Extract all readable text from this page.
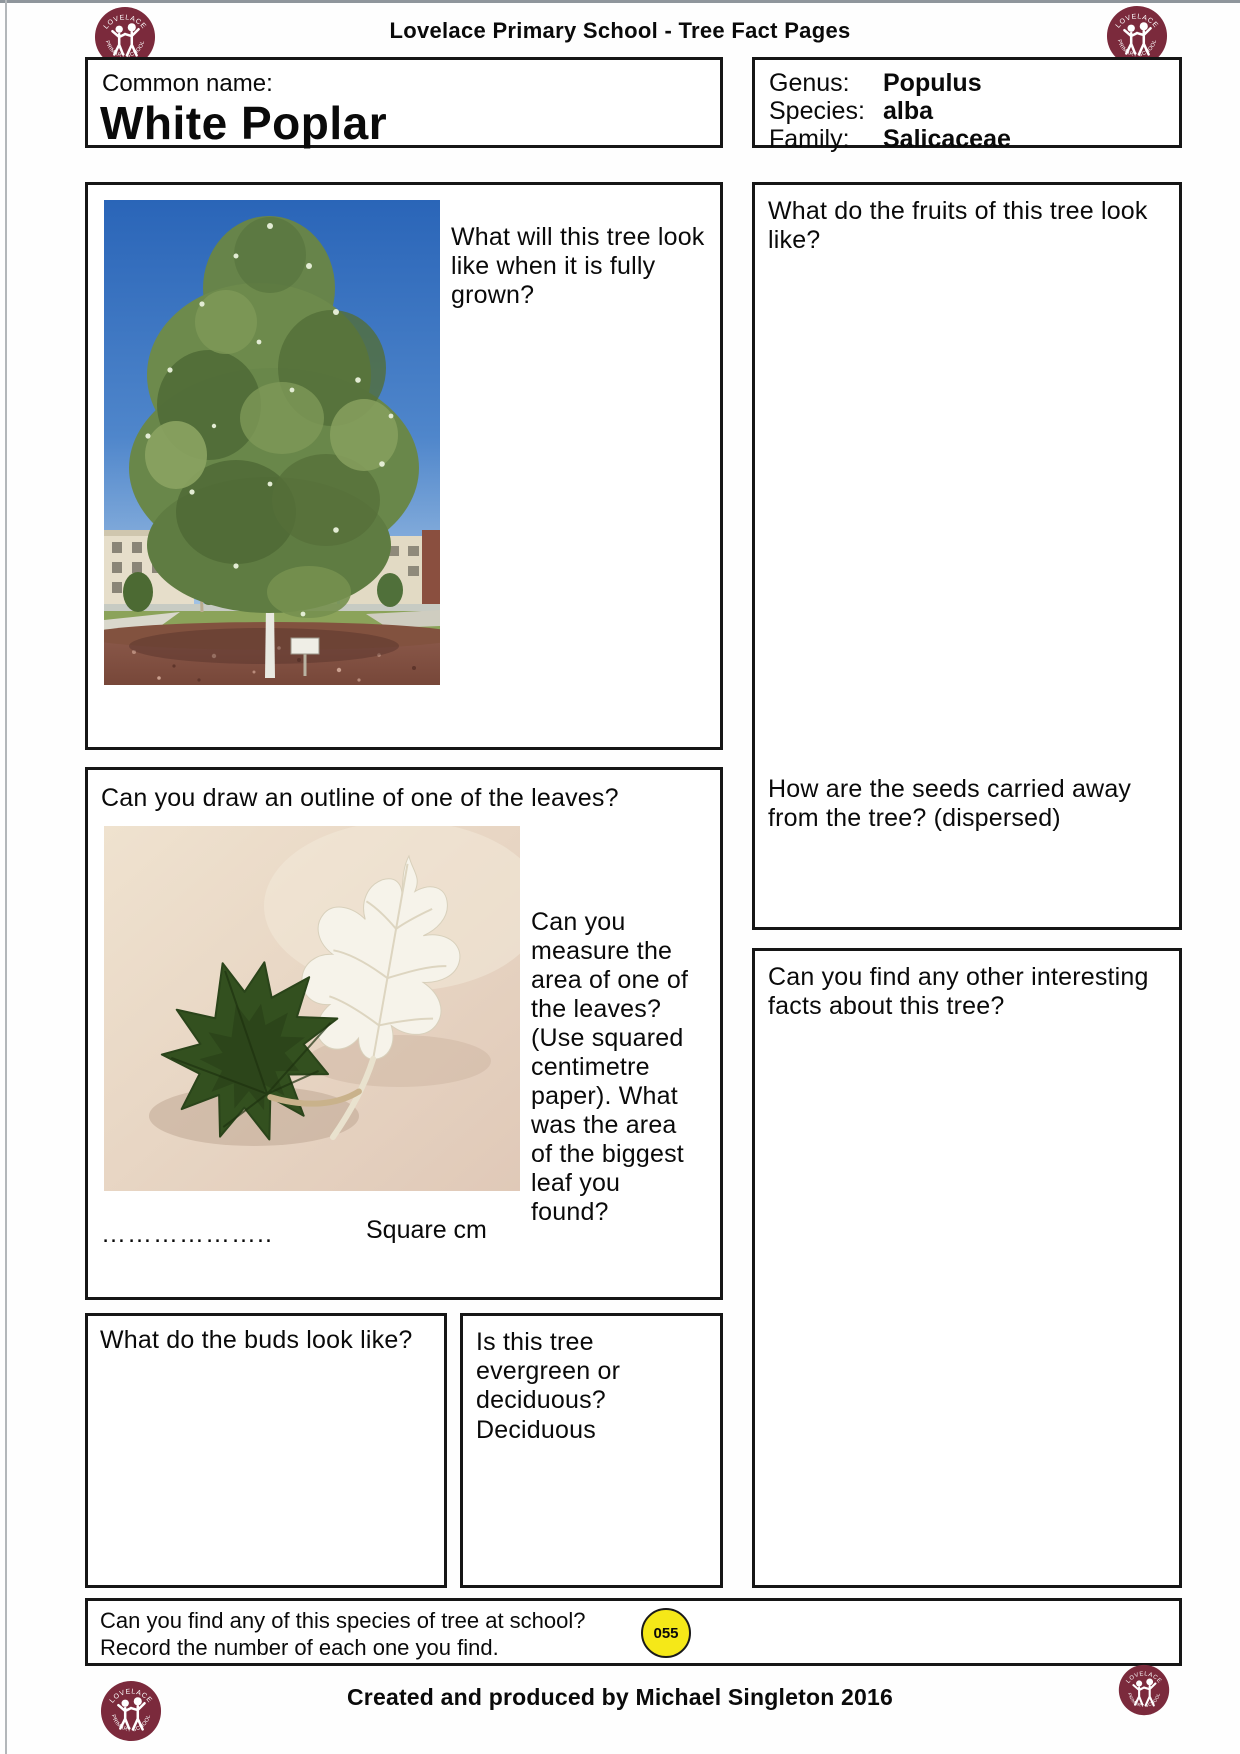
Lovelace Primary School - Tree Fact Pages
Common name:
White Poplar
Genus:	Populus
Species: alba
Family:	Salicaceae
What will this tree look like when it is fully grown?
What do the fruits of this tree look like?
How are the seeds carried away from the tree? (dispersed)
Can you draw an outline of one of the leaves?
Can you measure the area of one of the leaves? (Use squared centimetre paper). What was the area of the biggest leaf you found?
………………..	Square cm
Can you find any other interesting facts about this tree?
What do the buds look like?	Is this tree evergreen or deciduous?
Deciduous
Can you find any of this species of tree at school?
Record the number of each one you find.
055
Created and produced by Michael Singleton 2016
